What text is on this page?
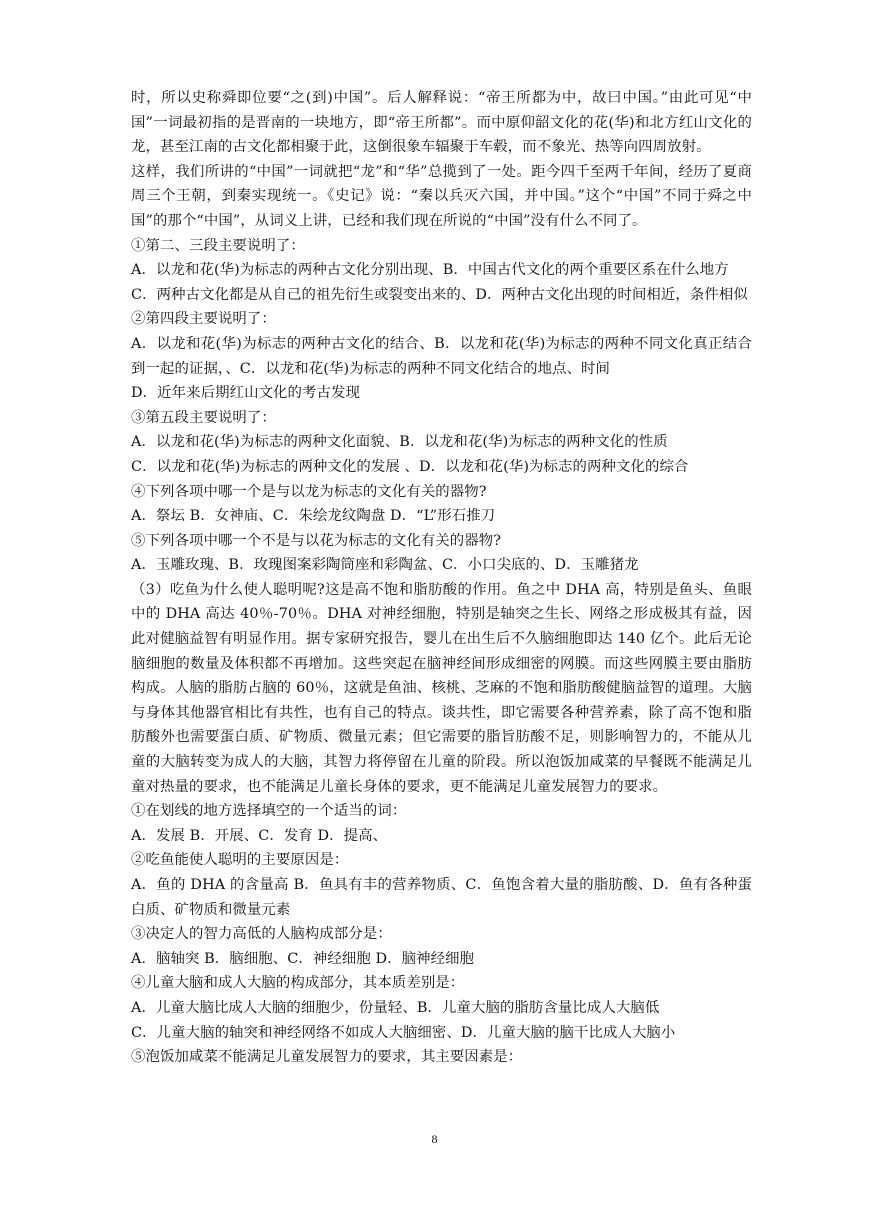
时，所以史称舜即位要“之(到)中国”。后人解释说：“帝王所都为中，故曰中国。”由此可见“中国”一词最初指的是晋南的一块地方，即“帝王所都”。而中原仰韶文化的花(华)和北方红山文化的龙，甚至江南的古文化都相聚于此，这倒很象车辐聚于车毂，而不象光、热等向四周放射。

这样，我们所讲的“中国”一词就把“龙”和“华”总揽到了一处。距今四千至两千年间，经历了夏商周三个王朝，到秦实现统一。《史记》说：“秦以兵灭六国，并中国。”这个“中国”不同于舜之中国”的那个“中国”，从词义上讲，已经和我们现在所说的“中国”没有什么不同了。

①第二、三段主要说明了：

A．以龙和花(华)为标志的两种古文化分别出现、B．中国古代文化的两个重要区系在什么地方

C．两种古文化都是从自己的祖先衍生或裂变出来的、D．两种古文化出现的时间相近，条件相似

②第四段主要说明了：

A．以龙和花(华)为标志的两种古文化的结合、B．以龙和花(华)为标志的两种不同文化真正结合到一起的证据，、C．以龙和花(华)为标志的两种不同文化结合的地点、时间

D．近年来后期红山文化的考古发现

③第五段主要说明了：

A．以龙和花(华)为标志的两种文化面貌、B．以龙和花(华)为标志的两种文化的性质

C．以龙和花(华)为标志的两种文化的发展 、D．以龙和花(华)为标志的两种文化的综合

④下列各项中哪一个是与以龙为标志的文化有关的器物?

A．祭坛 B．女神庙、C．朱绘龙纹陶盘 D．“L”形石推刀

⑤下列各项中哪一个不是与以花为标志的文化有关的器物?

A．玉雕玫瑰、B．玫瑰图案彩陶筒座和彩陶盆、C．小口尖底的、D．玉雕猪龙

（3）吃鱼为什么使人聪明呢?这是高不饱和脂肪酸的作用。鱼之中 DHA 高，特别是鱼头、鱼眼中的 DHA 高达 40％-70％。DHA 对神经细胞，特别是轴突之生长、网络之形成极其有益，因此对健脑益智有明显作用。据专家研究报告，婴儿在出生后不久脑细胞即达 140 亿个。此后无论脑细胞的数量及体积都不再增加。这些突起在脑神经间形成细密的网膜。而这些网膜主要由脂肪构成。人脑的脂肪占脑的 60％，这就是鱼油、核桃、芝麻的不饱和脂肪酸健脑益智的道理。大脑与身体其他器官相比有共性，也有自己的特点。谈共性，即它需要各种营养素，除了高不饱和脂肪酸外也需要蛋白质、矿物质、微量元素；但它需要的脂旨肪酸不足，则影响智力的，不能从儿童的大脑转变为成人的大脑，其智力将停留在儿童的阶段。所以泡饭加咸菜的早餐既不能满足儿童对热量的要求，也不能满足儿童长身体的要求，更不能满足儿童发展智力的要求。

①在划线的地方选择填空的一个适当的词：

A．发展 B．开展、C．发育 D．提高、

②吃鱼能使人聪明的主要原因是：

A．鱼的 DHA 的含量高 B．鱼具有丰的营养物质、C．鱼饱含着大量的脂肪酸、D．鱼有各种蛋白质、矿物质和微量元素

③决定人的智力高低的人脑构成部分是：

A．脑轴突 B．脑细胞、C．神经细胞 D．脑神经细胞

④儿童大脑和成人大脑的构成部分，其本质差别是：

A．儿童大脑比成人大脑的细胞少，份量轻、B．儿童大脑的脂肪含量比成人大脑低

C．儿童大脑的轴突和神经网络不如成人大脑细密、D．儿童大脑的脑干比成人大脑小

⑤泡饭加咸菜不能满足儿童发展智力的要求，其主要因素是：

8
